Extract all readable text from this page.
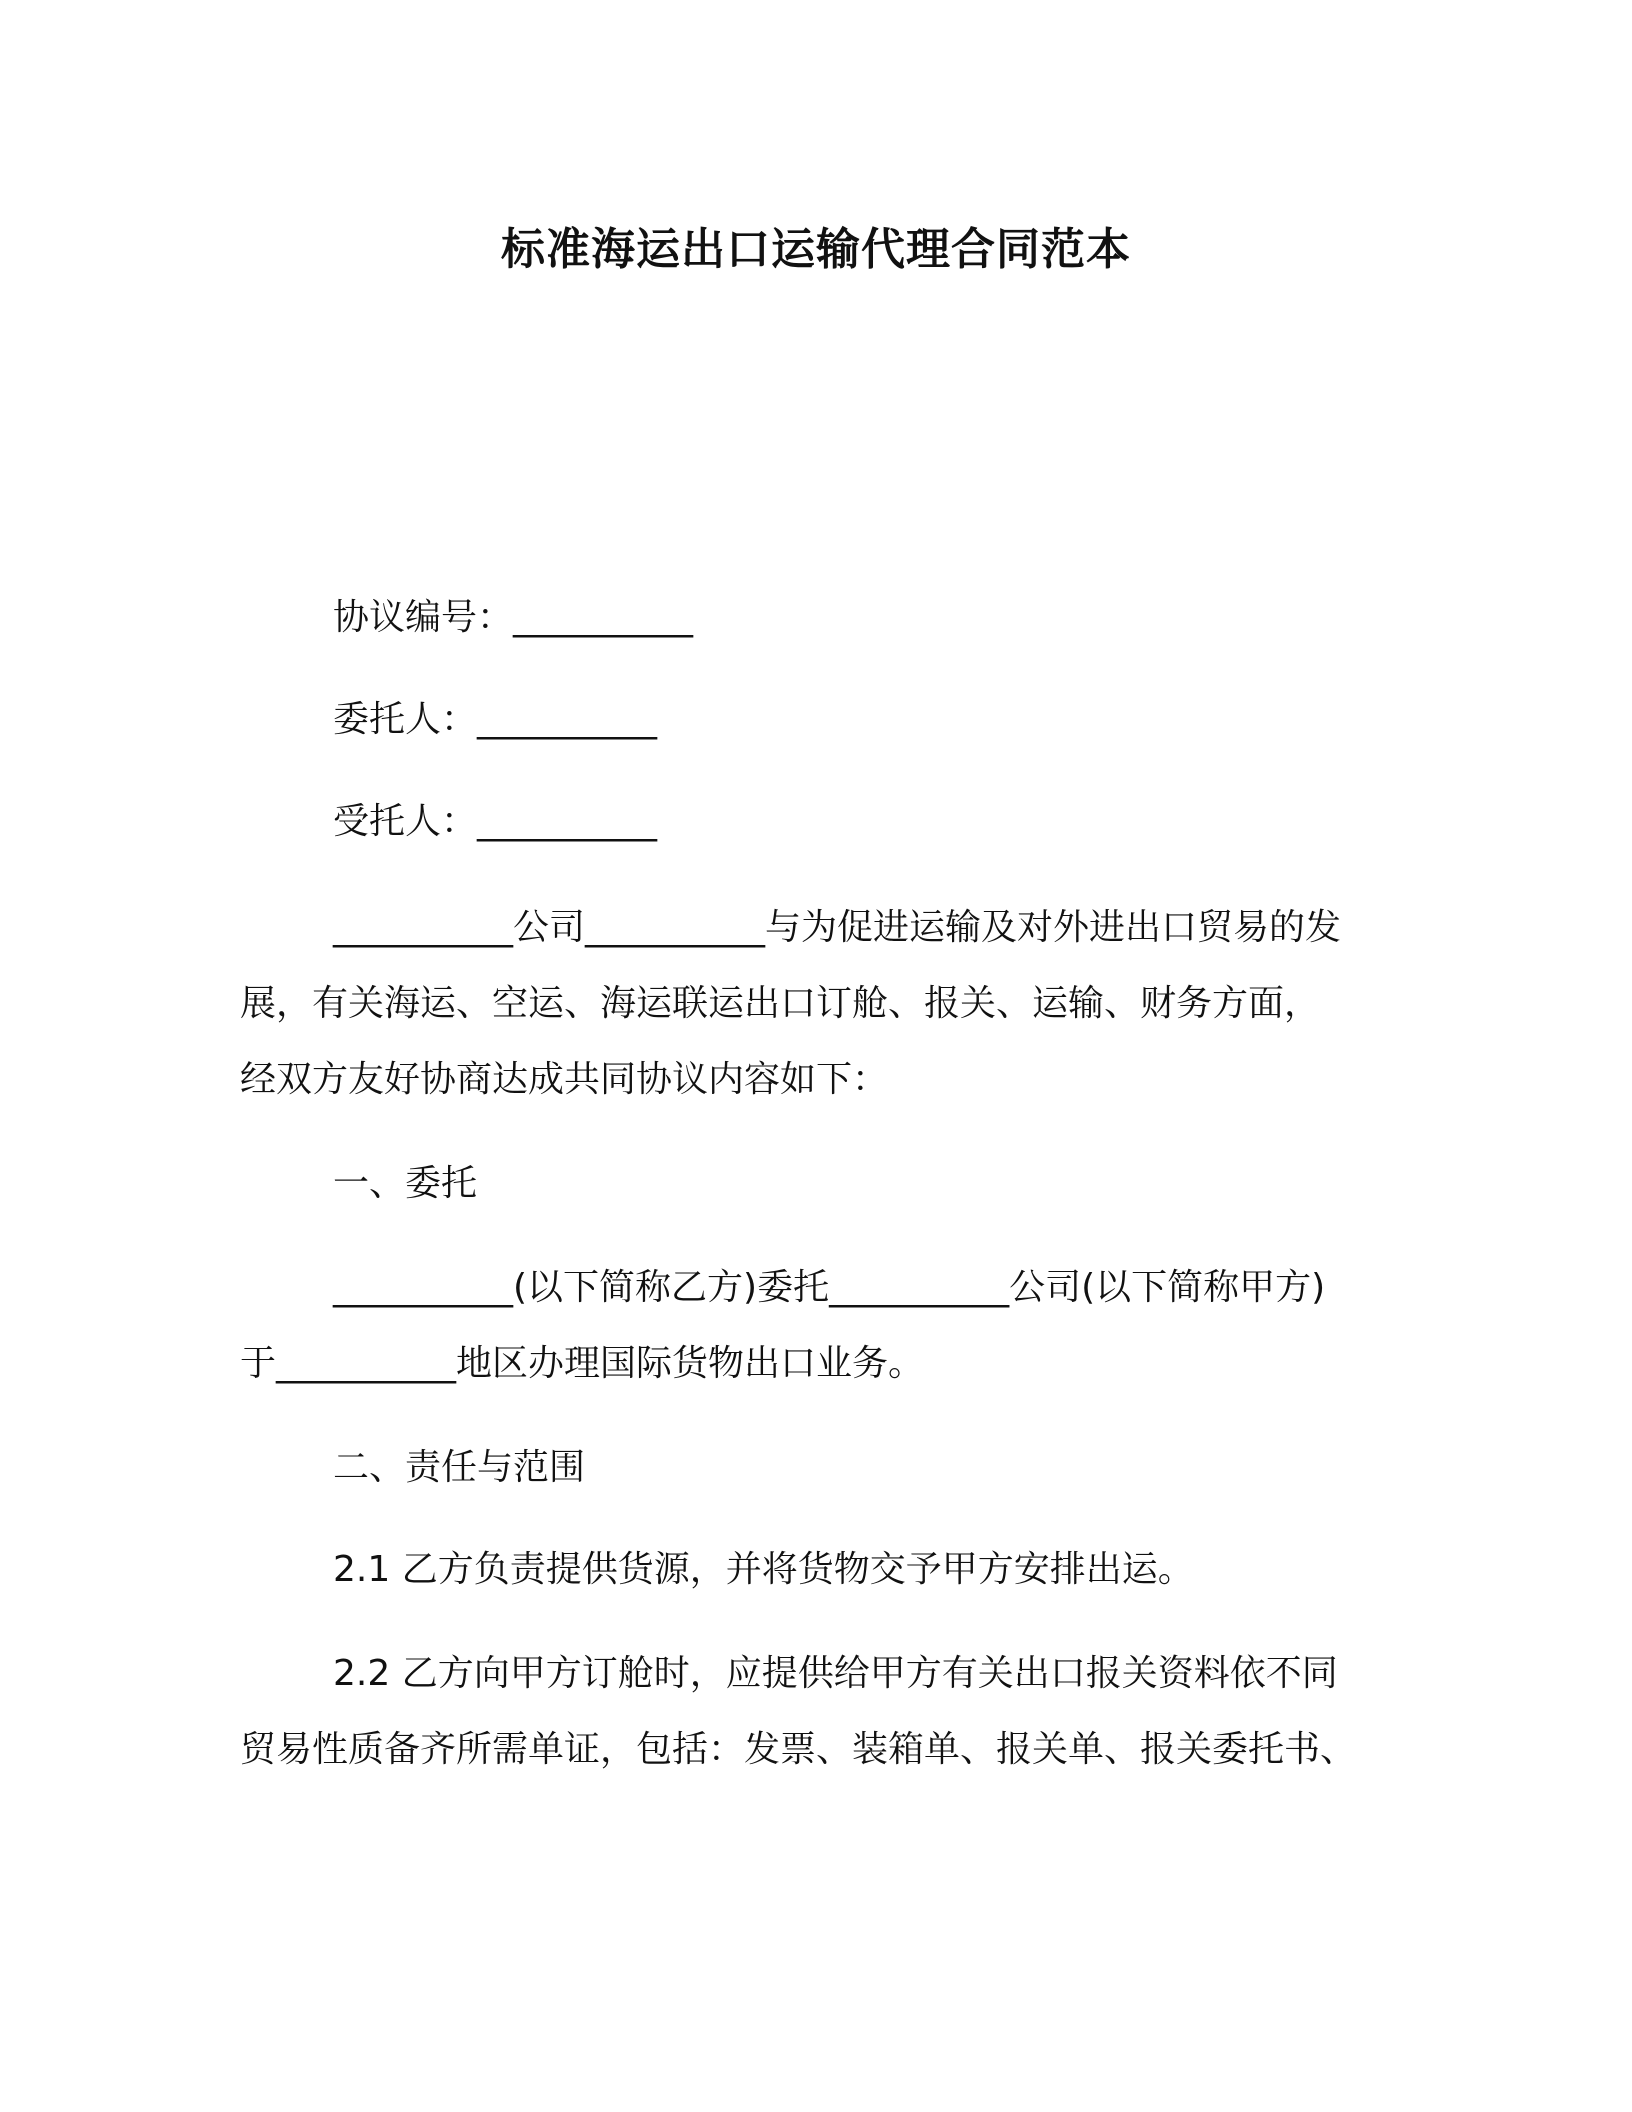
标准海运出口运输代理合同范本
协议编号：__________
委托人：__________
受托人：__________
__________公司__________与为促进运输及对外进出口贸易的发
展，有关海运、空运、海运联运出口订舱、报关、运输、财务方面，
经双方友好协商达成共同协议内容如下：
一、委托
__________(以下简称乙方)委托__________公司(以下简称甲方)
于__________地区办理国际货物出口业务。
二、责任与范围
2.1 乙方负责提供货源，并将货物交予甲方安排出运。
2.2 乙方向甲方订舱时，应提供给甲方有关出口报关资料依不同
贸易性质备齐所需单证，包括：发票、装箱单、报关单、报关委托书、
